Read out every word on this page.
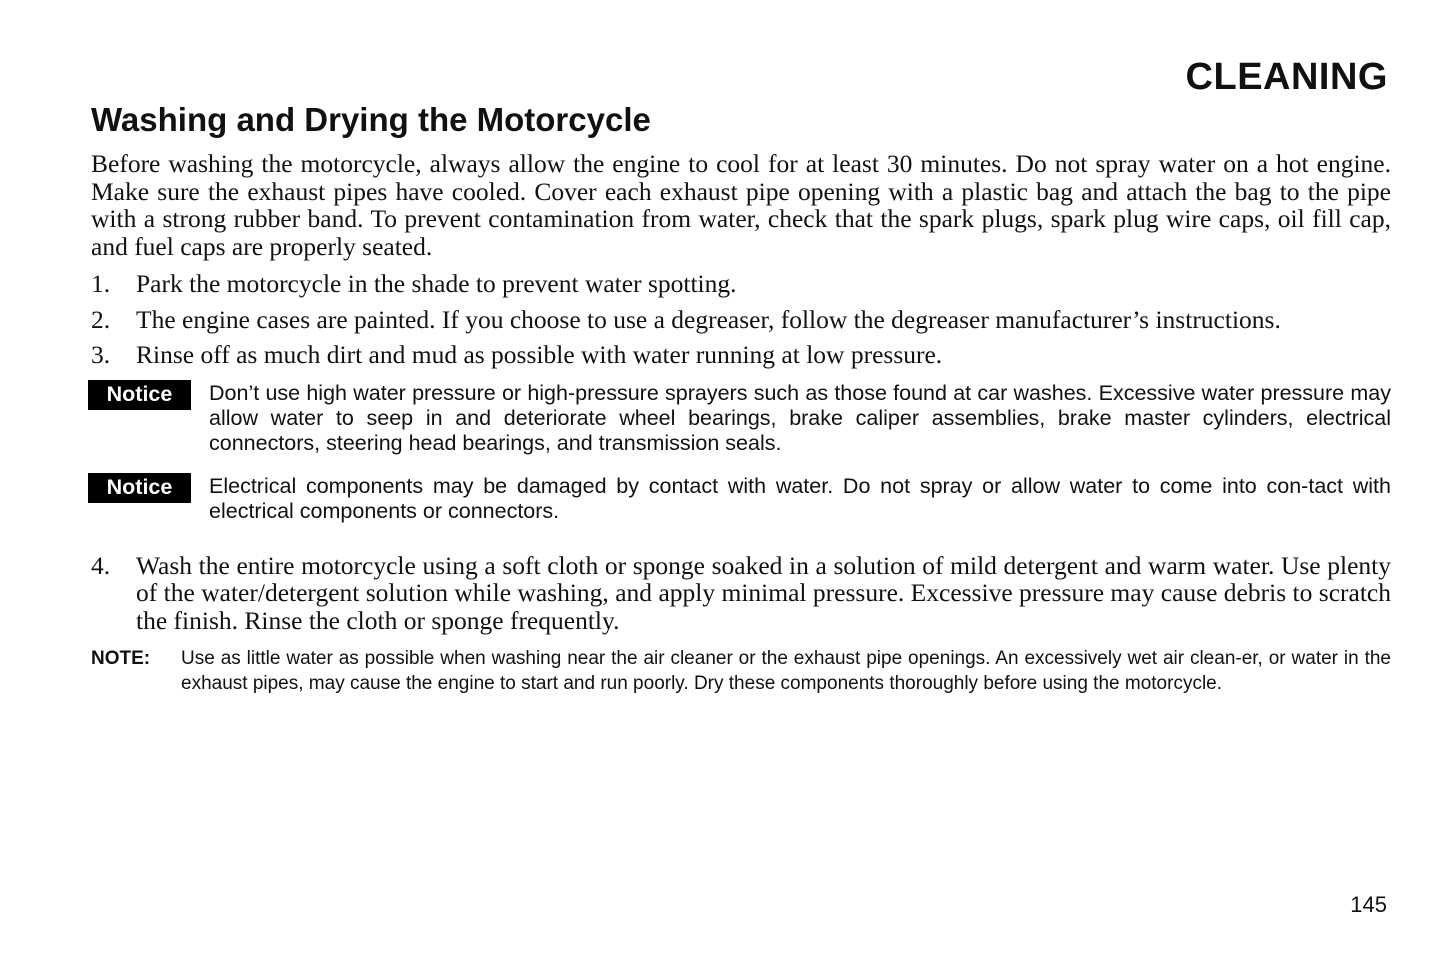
CLEANING
Washing and Drying the Motorcycle

Before washing the motorcycle, always allow the engine to cool for at least 30 minutes. Do not spray water on a hot engine. Make sure the exhaust pipes have cooled. Cover each exhaust pipe opening with a plastic bag and attach the bag to the pipe with a strong rubber band. To prevent contamination from water, check that the spark plugs, spark plug wire caps, oil fill cap, and fuel caps are properly seated.

1.	Park the motorcycle in the shade to prevent water spotting.
2.	The engine cases are painted. If you choose to use a degreaser, follow the degreaser manufacturer’s instructions.
3.	Rinse off as much dirt and mud as possible with water running at low pressure.
Notice	Don’t use high water pressure or high-pressure sprayers such as those found at car washes. Excessive water pressure may allow water to seep in and deteriorate wheel bearings, brake caliper assemblies, brake master cylinders, electrical connectors, steering head bearings, and transmission seals.
Notice	Electrical components may be damaged by contact with water. Do not spray or allow water to come into con-tact with electrical components or connectors.
4.	Wash the entire motorcycle using a soft cloth or sponge soaked in a solution of mild detergent and warm water. Use plenty of the water/detergent solution while washing, and apply minimal pressure. Excessive pressure may cause debris to scratch the finish. Rinse the cloth or sponge frequently.
NOTE:	Use as little water as possible when washing near the air cleaner or the exhaust pipe openings. An excessively wet air clean-er, or water in the exhaust pipes, may cause the engine to start and run poorly. Dry these components thoroughly before using the motorcycle.

145
